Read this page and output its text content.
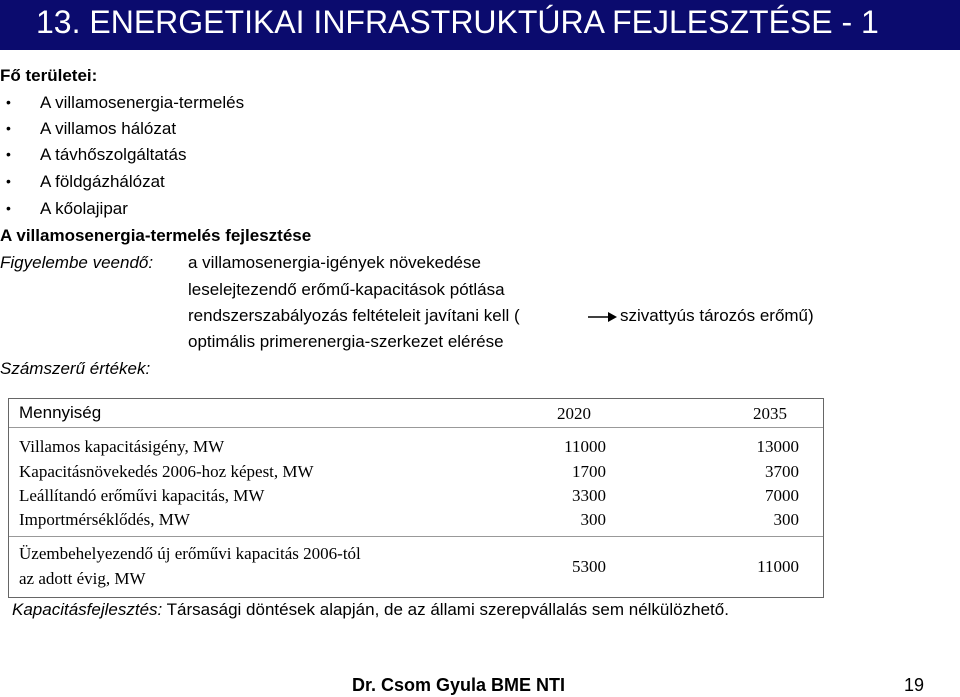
13. ENERGETIKAI INFRASTRUKTÚRA FEJLESZTÉSE - 1
Fő területei:
• A villamosenergia-termelés
• A villamos hálózat
• A távhőszolgáltatás
• A földgázhálózat
• A kőolajipar
A villamosenergia-termelés fejlesztése
Figyelembe veendő: a villamosenergia-igények növekedése
leselejtezendő erőmű-kapacitások pótlása
rendszerszabályozás feltételeit javítani kell (	szivattyús tározós erőmű)
optimális primerenergia-szerkezet elérése
Számszerű értékek:
Mennyiség	2020	2035
Villamos kapacitásigény, MW	11000	13000
Kapacitásnövekedés 2006-hoz képest, MW	1700	3700
Leállítandó erőművi kapacitás, MW	3300	7000
Importmérséklődés, MW	300	300
Üzembehelyezendő új erőművi kapacitás 2006-tól
az adott évig, MW
5300	11000
Kapacitásfejlesztés: Társasági döntések alapján, de az állami szerepvállalás sem nélkülözhető.
Dr. Csom Gyula BME NTI	19
